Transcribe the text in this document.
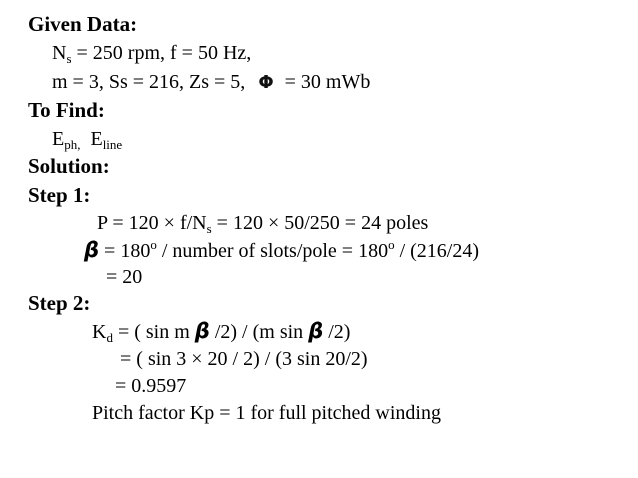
Given Data:
$N_s = 250$ rpm, f = 50 Hz,
m = 3, Ss = 216, Zs = 5, Φ = 30 mWb
To Find:
$E_{ph,}$ $E_{line}$
Solution:
Step 1:
$P = 120 \times f/N_s = 120 \times 50/250 = 24$ poles
$\beta = 180^o$ / number of slots/pole = $180^o / (216/24)$
= 20
Step 2:
$K_d$ = ( sin m β /2) / (m sin β /2)
= ( sin 3 × 20 / 2) / (3 sin 20/2)
= 0.9597
Pitch factor Kp = 1 for full pitched winding
